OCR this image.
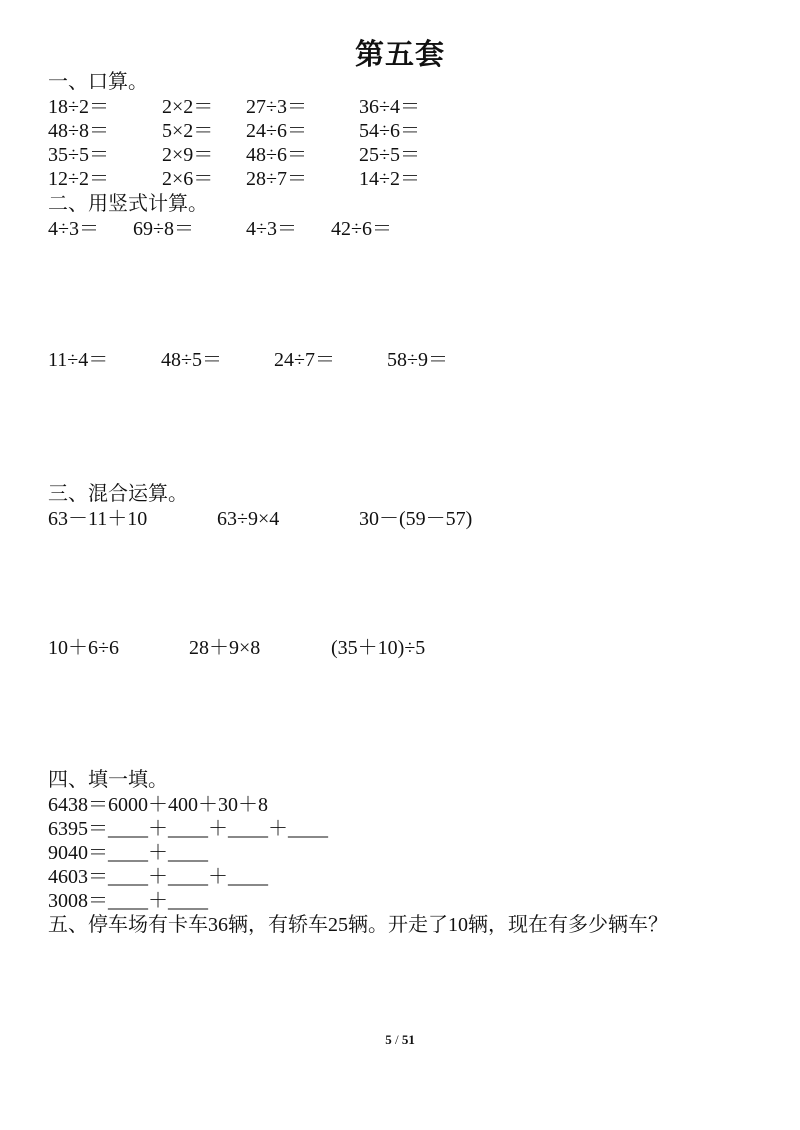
第五套
一、口算。
18÷2＝	2×2＝ 27÷3＝	36÷4＝
48÷8＝	5×2＝ 24÷6＝	54÷6＝
35÷5＝	2×9＝ 48÷6＝	25÷5＝
12÷2＝	2×6＝ 28÷7＝	14÷2＝
二、用竖式计算。
4÷3＝ 69÷8＝	4÷3＝ 42÷6＝
11÷4＝	48÷5＝	24÷7＝	58÷9＝
三、混合运算。
63－11＋10	63÷9×4	30－(59－57)
10＋6÷6	28＋9×8	(35＋10)÷5
四、填一填。
6438＝6000＋400＋30＋8
6395＝____＋____＋____＋____
9040＝____＋____
4603＝____＋____＋____
3008＝____＋____
五、停车场有卡车36辆，有轿车25辆。开走了10辆，现在有多少辆车？
5 / 51
